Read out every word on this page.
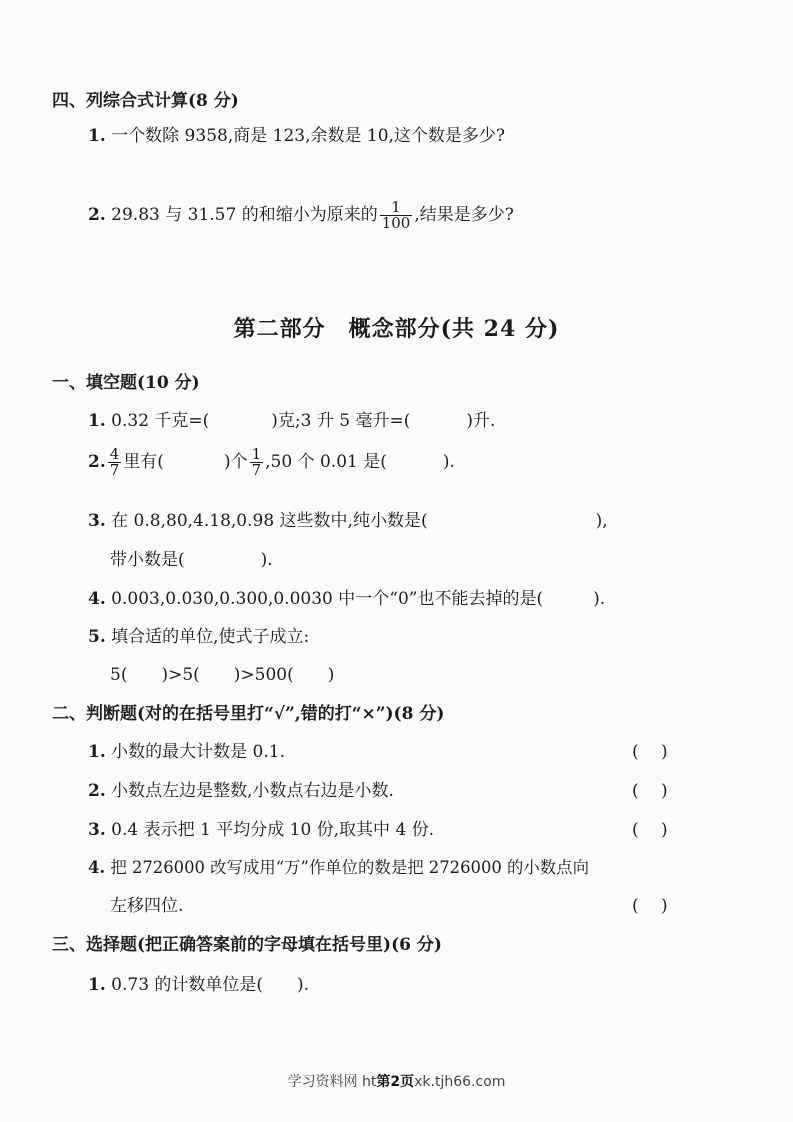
四、列综合式计算(8 分)
1. 一个数除 9358,商是 123,余数是 10,这个数是多少?
2. 29.83 与 31.57 的和缩小为原来的 $\frac{1}{100}$ ,结果是多少?
第二部分　概念部分(共 24 分)
一、填空题(10 分)
1. 0.32 千克=(	)克;3 升 5 毫升=(	)升.
2. $\frac{4}{7}$ 里有(	)个 $\frac{1}{7} ,50$ 个 0.01 是(	).
3. 在 0.8,80,4.18,0.98 这些数中,纯小数是(	),
带小数是(	).
4. 0.003,0.030,0.300,0.0030 中一个“0”也不能去掉的是(	).
5. 填合适的单位,使式子成立:
5(　　)>5(　　)>500(　　)
二、判断题(对的在括号里打“√”,错的打“×”)(8 分)
1. 小数的最大计数是 0.1.	(　 )
2. 小数点左边是整数,小数点右边是小数.	(　 )
3. 0.4 表示把 1 平均分成 10 份,取其中 4 份.	(　 )
4. 把 2726000 改写成用“万”作单位的数是把 2726000 的小数点向
左移四位.	(　 )
三、选择题(把正确答案前的字母填在括号里)(6 分)
1. 0.73 的计数单位是(　　).
学习资料网 ht第2页xk.tjh66.com
